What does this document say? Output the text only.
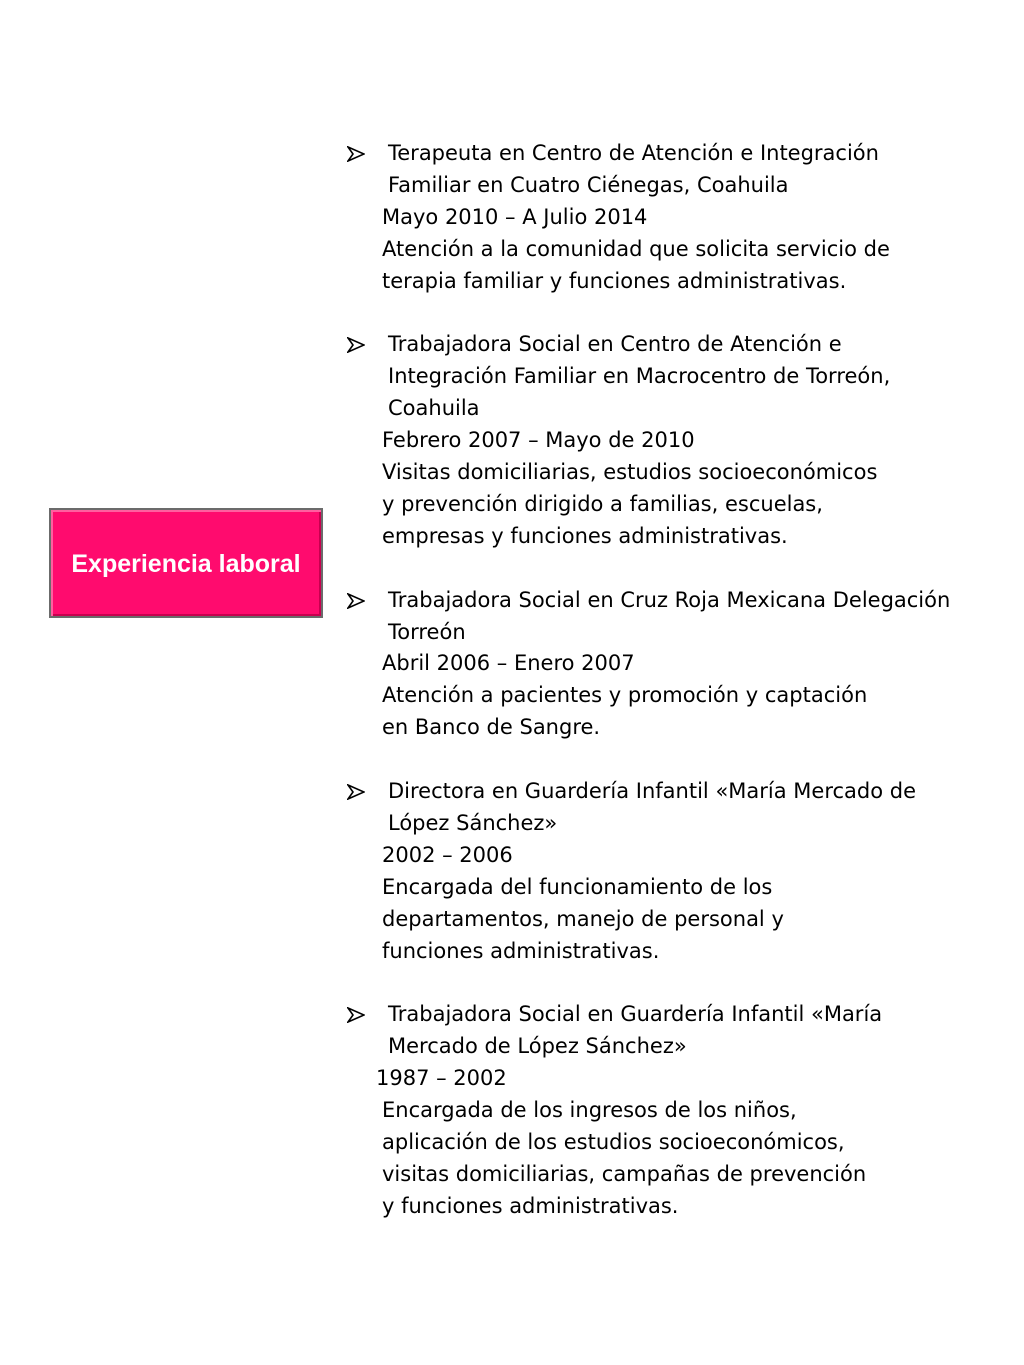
Experiencia laboral
Terapeuta en Centro de Atención e Integración
Familiar en Cuatro Ciénegas, Coahuila
Mayo 2010 – A Julio 2014
Atención a la comunidad que solicita servicio de
terapia familiar y funciones administrativas.
Trabajadora Social en Centro de Atención e
Integración Familiar en Macrocentro de Torreón,
Coahuila
Febrero 2007 – Mayo de 2010
Visitas domiciliarias, estudios socioeconómicos
y prevención dirigido a familias, escuelas,
empresas y funciones administrativas.
Trabajadora Social en Cruz Roja Mexicana Delegación
Torreón
Abril 2006 – Enero 2007
Atención a pacientes y promoción y captación
en Banco de Sangre.
Directora en Guardería Infantil «María Mercado de
López Sánchez»
2002 – 2006
Encargada del funcionamiento de los
departamentos, manejo de personal y
funciones administrativas.
Trabajadora Social en Guardería Infantil «María
Mercado de López Sánchez»
1987 – 2002
Encargada de los ingresos de los niños,
aplicación de los estudios socioeconómicos,
visitas domiciliarias, campañas de prevención
y funciones administrativas.
